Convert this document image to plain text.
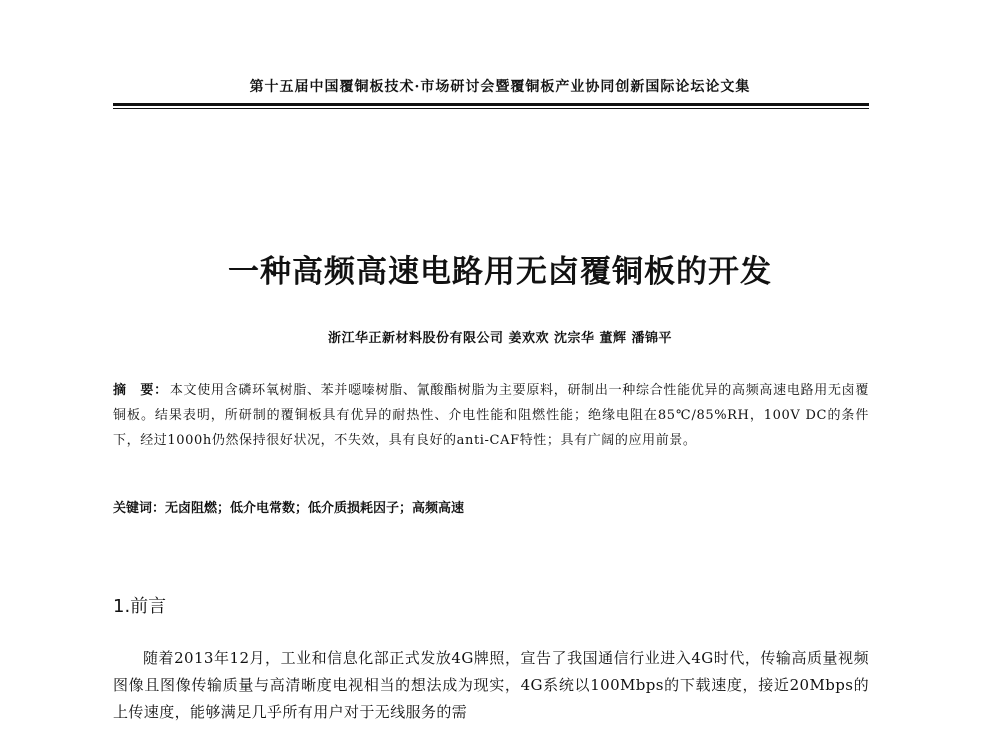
第十五届中国覆铜板技术·市场研讨会暨覆铜板产业协同创新国际论坛论文集
一种高频高速电路用无卤覆铜板的开发
浙江华正新材料股份有限公司 姜欢欢 沈宗华 董辉 潘锦平
摘　要： 本文使用含磷环氧树脂、苯并噁嗪树脂、氰酸酯树脂为主要原料，研制出一种综合性能优异的高频高速电路用无卤覆铜板。结果表明，所研制的覆铜板具有优异的耐热性、介电性能和阻燃性能；绝缘电阻在85℃/85%RH，100V DC的条件下，经过1000h仍然保持很好状况，不失效，具有良好的anti-CAF特性；具有广阔的应用前景。
关键词：无卤阻燃；低介电常数；低介质损耗因子；高频高速
1.前言
随着2013年12月，工业和信息化部正式发放4G牌照，宣告了我国通信行业进入4G时代，传输高质量视频图像且图像传输质量与高清晰度电视相当的想法成为现实，4G系统以100Mbps的下载速度，接近20Mbps的上传速度，能够满足几乎所有用户对于无线服务的需
